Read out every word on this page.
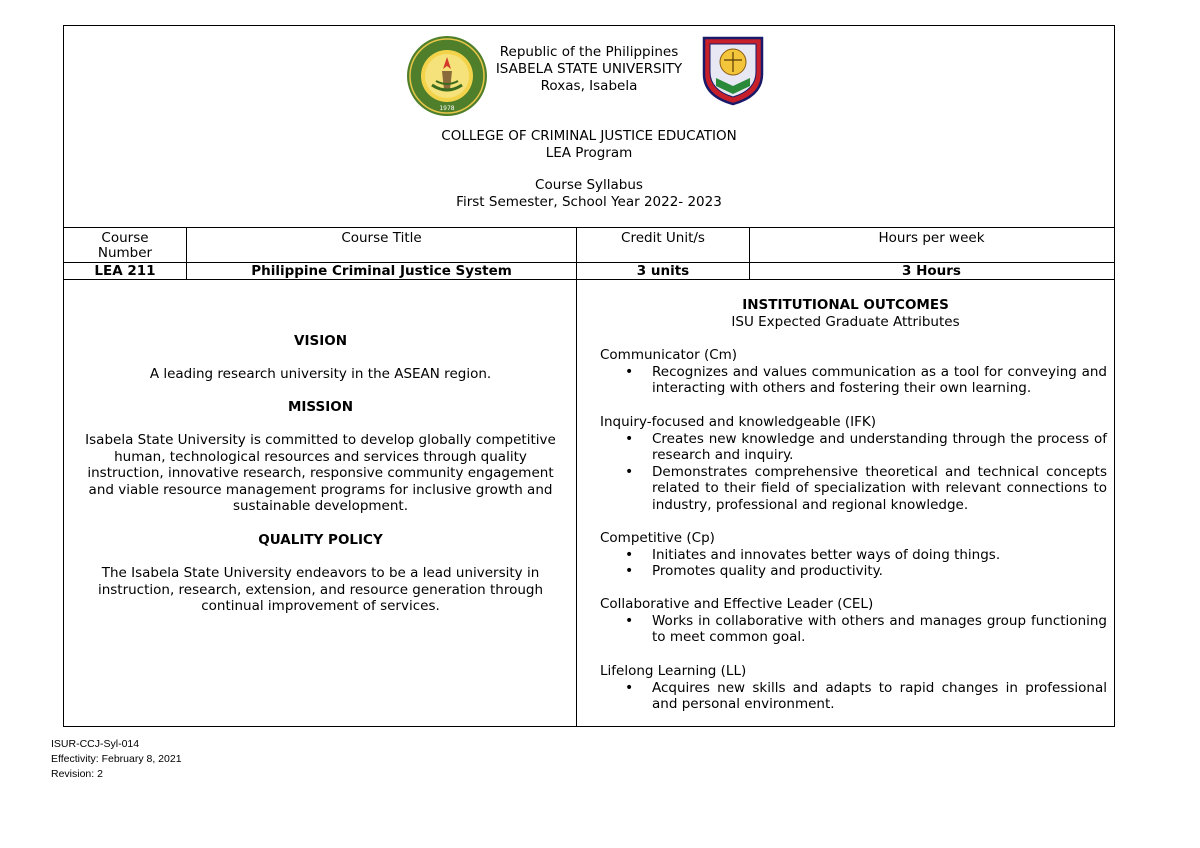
1978
Republic of the Philippines
ISABELA STATE UNIVERSITY
Roxas, Isabela
COLLEGE OF CRIMINAL JUSTICE EDUCATION
LEA Program
Course Syllabus
First Semester, School Year 2022- 2023
Course Number
LEA 211
Course Title
Philippine Criminal Justice System
Credit Unit/s
3 units
Hours per week
3 Hours
VISION
A leading research university in the ASEAN region.
MISSION
Isabela State University is committed to develop globally competitive human, technological resources and services through quality instruction, innovative research, responsive community engagement and viable resource management programs for inclusive growth and sustainable development.
QUALITY POLICY
The Isabela State University endeavors to be a lead university in instruction, research, extension, and resource generation through continual improvement of services.
INSTITUTIONAL OUTCOMES
ISU Expected Graduate Attributes
Communicator (Cm)
• Recognizes and values communication as a tool for conveying and interacting with others and fostering their own learning.
Inquiry-focused and knowledgeable (IFK)
• Creates new knowledge and understanding through the process of research and inquiry.
• Demonstrates comprehensive theoretical and technical concepts related to their field of specialization with relevant connections to industry, professional and regional knowledge.
Competitive (Cp)
• Initiates and innovates better ways of doing things.
• Promotes quality and productivity.
Collaborative and Effective Leader (CEL)
• Works in collaborative with others and manages group functioning to meet common goal.
Lifelong Learning (LL)
• Acquires new skills and adapts to rapid changes in professional and personal environment.
ISUR-CCJ-Syl-014
Effectivity: February 8, 2021
Revision: 2
